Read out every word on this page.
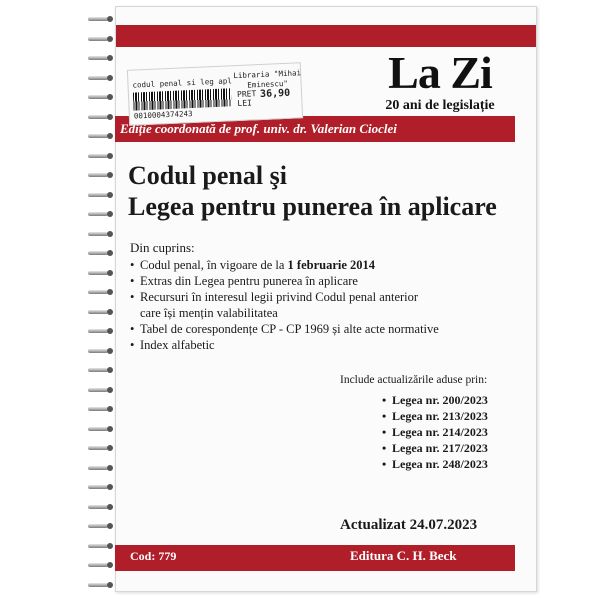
La Zi
20 ani de legislație
Ediție coordonată de prof. univ. dr. Valerian Cioclei
codul penal si leg apl
Libraria "Mihai Eminescu"
PRET LEI
36,90
0010004374243
Codul penal şi
Legea pentru punerea în aplicare
Din cuprins:
• Codul penal, în vigoare de la 1 februarie 2014
• Extras din Legea pentru punerea în aplicare
• Recursuri în interesul legii privind Codul penal anterior
care își mențin valabilitatea
• Tabel de corespondențe CP - CP 1969 și alte acte normative
• Index alfabetic
Include actualizările aduse prin:
• Legea nr. 200/2023
• Legea nr. 213/2023
• Legea nr. 214/2023
• Legea nr. 217/2023
• Legea nr. 248/2023
Actualizat 24.07.2023
Cod: 779	Editura C. H. Beck
